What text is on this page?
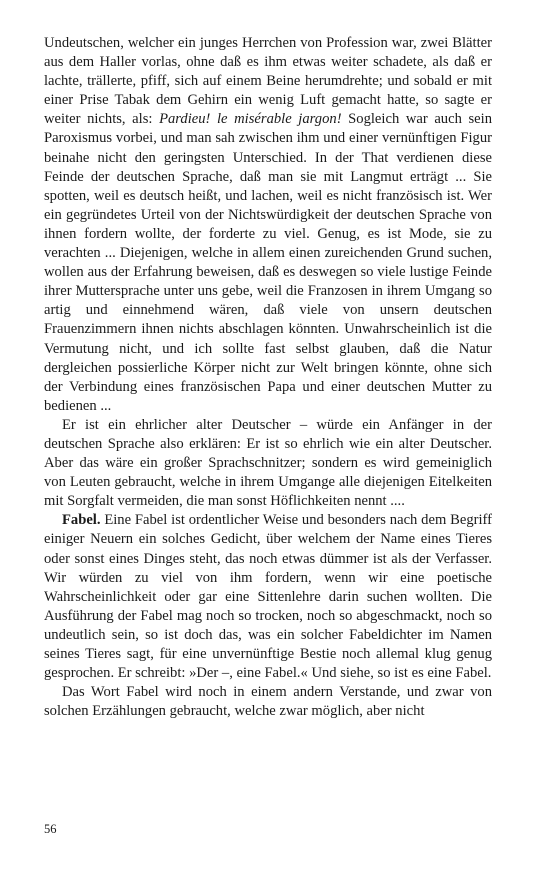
Undeutschen, welcher ein junges Herrchen von Profession war, zwei Blätter aus dem Haller vorlas, ohne daß es ihm etwas weiter schadete, als daß er lachte, trällerte, pfiff, sich auf einem Beine herumdrehte; und sobald er mit einer Prise Tabak dem Gehirn ein wenig Luft gemacht hatte, so sagte er weiter nichts, als: Pardieu! le misérable jargon! Sogleich war auch sein Paroxismus vorbei, und man sah zwischen ihm und einer vernünftigen Figur beinahe nicht den geringsten Unterschied. In der That verdienen diese Feinde der deutschen Sprache, daß man sie mit Langmut erträgt ... Sie spotten, weil es deutsch heißt, und lachen, weil es nicht französisch ist. Wer ein gegründetes Urteil von der Nichtswürdigkeit der deutschen Sprache von ihnen fordern wollte, der forderte zu viel. Genug, es ist Mode, sie zu verachten ... Diejenigen, welche in allem einen zureichenden Grund suchen, wollen aus der Erfahrung beweisen, daß es deswegen so viele lustige Feinde ihrer Muttersprache unter uns gebe, weil die Franzosen in ihrem Umgang so artig und einnehmend wären, daß viele von unsern deutschen Frauenzimmern ihnen nichts abschlagen könnten. Unwahrscheinlich ist die Vermutung nicht, und ich sollte fast selbst glauben, daß die Natur dergleichen possierliche Körper nicht zur Welt bringen könnte, ohne sich der Verbindung eines französischen Papa und einer deutschen Mutter zu bedienen ...

Er ist ein ehrlicher alter Deutscher – würde ein Anfänger in der deutschen Sprache also erklären: Er ist so ehrlich wie ein alter Deutscher. Aber das wäre ein großer Sprachschnitzer; sondern es wird gemeiniglich von Leuten gebraucht, welche in ihrem Umgange alle diejenigen Eitelkeiten mit Sorgfalt vermeiden, die man sonst Höflichkeiten nennt ....

Fabel. Eine Fabel ist ordentlicher Weise und besonders nach dem Begriff einiger Neuern ein solches Gedicht, über welchem der Name eines Tieres oder sonst eines Dinges steht, das noch etwas dümmer ist als der Verfasser. Wir würden zu viel von ihm fordern, wenn wir eine poetische Wahrscheinlichkeit oder gar eine Sittenlehre darin suchen wollten. Die Ausführung der Fabel mag noch so trocken, noch so abgeschmackt, noch so undeutlich sein, so ist doch das, was ein solcher Fabeldichter im Namen seines Tieres sagt, für eine unvernünftige Bestie noch allemal klug genug gesprochen. Er schreibt: »Der –, eine Fabel.« Und siehe, so ist es eine Fabel.

Das Wort Fabel wird noch in einem andern Verstande, und zwar von solchen Erzählungen gebraucht, welche zwar möglich, aber nicht

56
